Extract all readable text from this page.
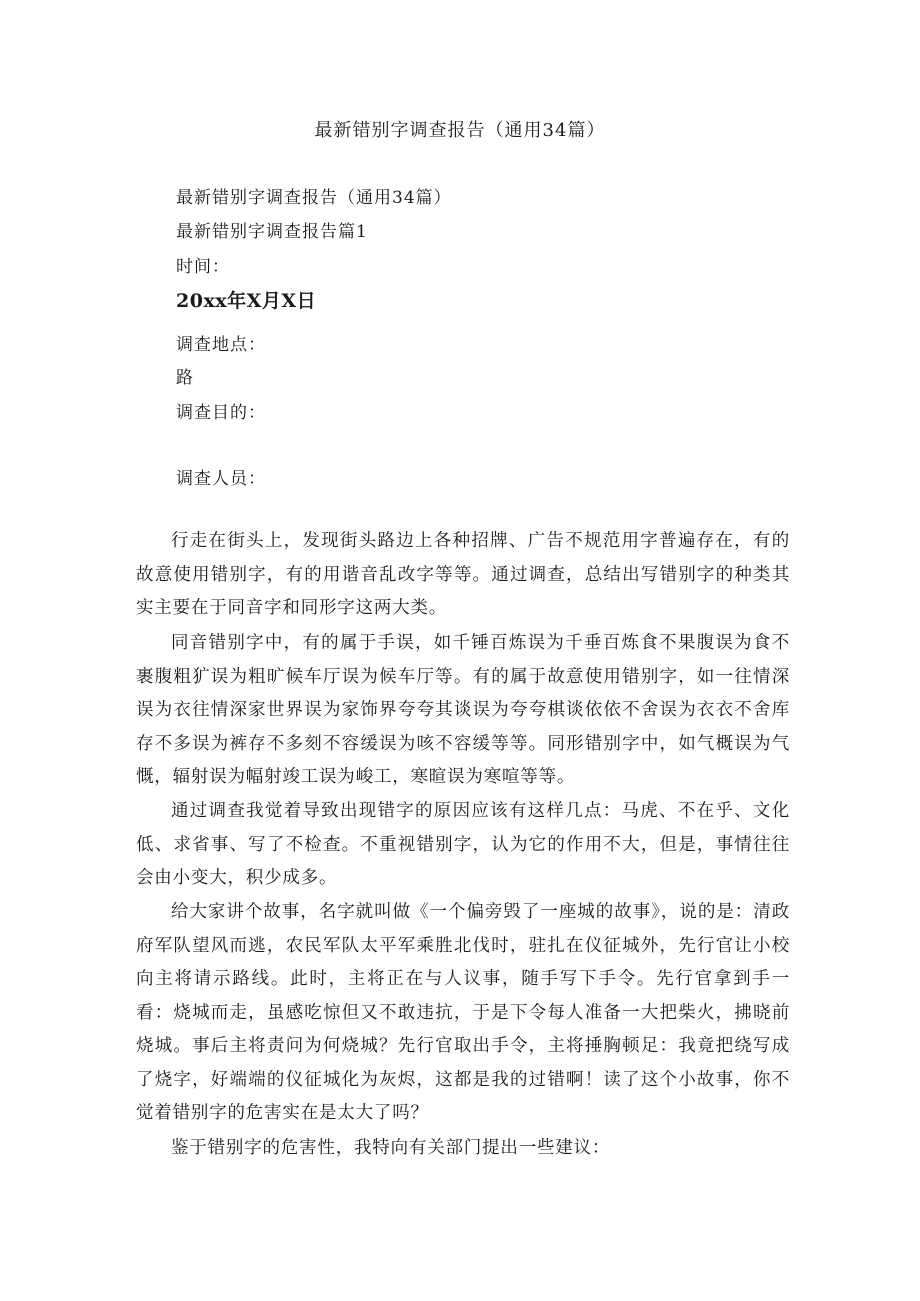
最新错别字调查报告（通用34篇）
最新错别字调查报告（通用34篇）
最新错别字调查报告篇1
时间：
20xx年X月X日
调查地点：
路
调查目的：
调查人员：

行走在街头上，发现街头路边上各种招牌、广告不规范用字普遍存在，有的故意使用错别字，有的用谐音乱改字等等。通过调查，总结出写错别字的种类其实主要在于同音字和同形字这两大类。

同音错别字中，有的属于手误，如千锤百炼误为千垂百炼食不果腹误为食不裹腹粗犷误为粗旷候车厅误为候车厅等。有的属于故意使用错别字，如一往情深误为衣往情深家世界误为家饰界夸夸其谈误为夸夸棋谈依依不舍误为衣衣不舍库存不多误为裤存不多刻不容缓误为咳不容缓等等。同形错别字中，如气概误为气慨，辐射误为幅射竣工误为峻工，寒暄误为寒喧等等。

通过调查我觉着导致出现错字的原因应该有这样几点：马虎、不在乎、文化低、求省事、写了不检查。不重视错别字，认为它的作用不大，但是，事情往往会由小变大，积少成多。

给大家讲个故事，名字就叫做《一个偏旁毁了一座城的故事》，说的是：清政府军队望风而逃，农民军队太平军乘胜北伐时，驻扎在仪征城外，先行官让小校向主将请示路线。此时，主将正在与人议事，随手写下手令。先行官拿到手一看：烧城而走，虽感吃惊但又不敢违抗，于是下令每人准备一大把柴火，拂晓前烧城。事后主将责问为何烧城？先行官取出手令，主将捶胸顿足：我竟把绕写成了烧字，好端端的仪征城化为灰烬，这都是我的过错啊！读了这个小故事，你不觉着错别字的危害实在是太大了吗？

鉴于错别字的危害性，我特向有关部门提出一些建议：
